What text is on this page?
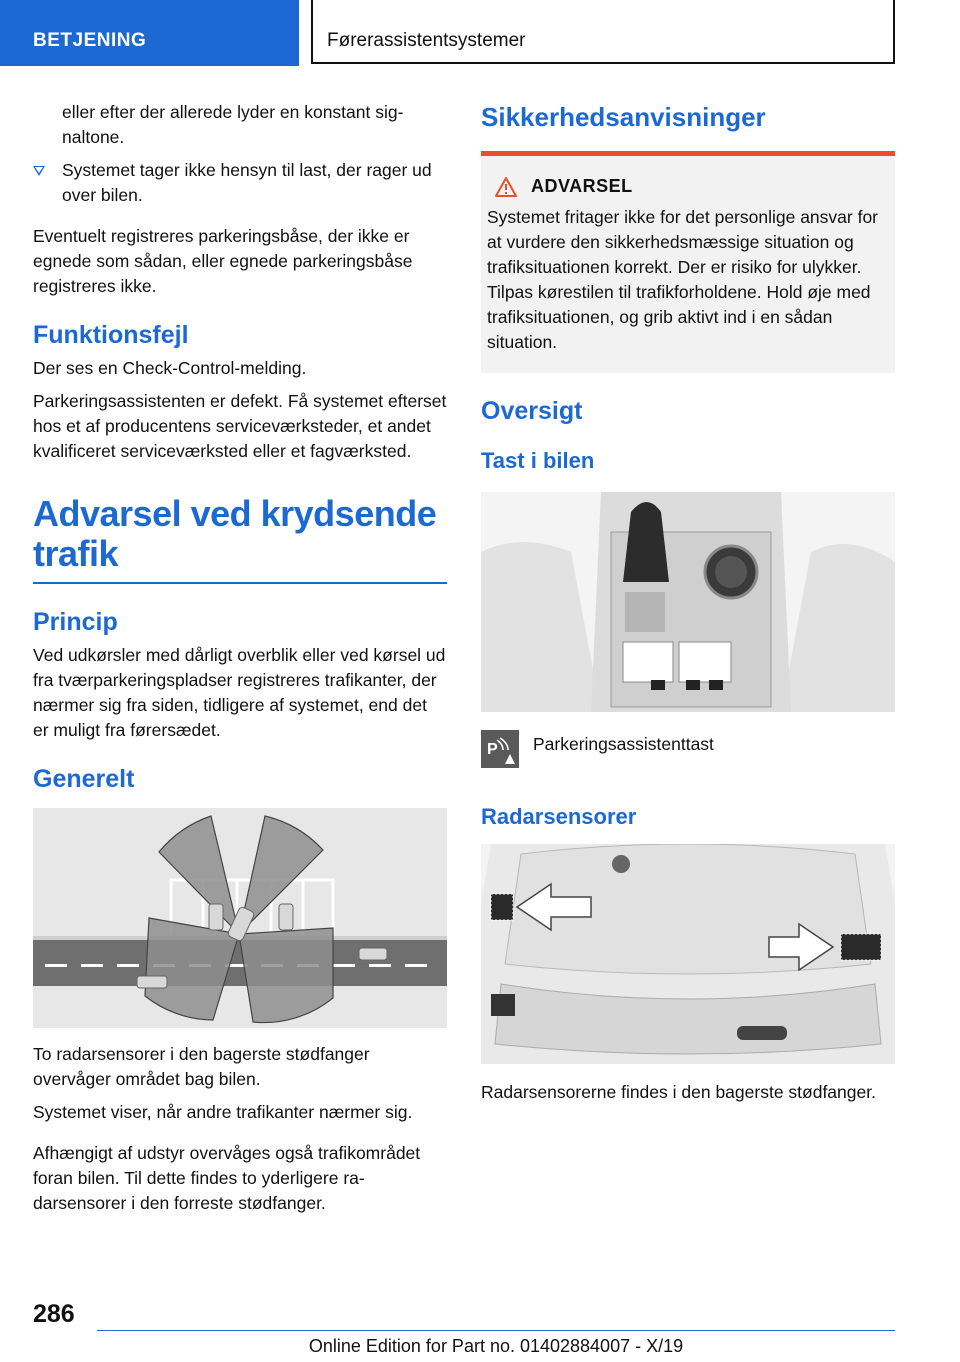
BETJENING	Førerassistentsystemer
eller efter der allerede lyder en konstant signaltone.
Systemet tager ikke hensyn til last, der rager ud over bilen.

Eventuelt registreres parkeringsbåse, der ikke er egnede som sådan, eller egnede parkeringsbåse registreres ikke.

Funktionsfejl

Der ses en Check-Control-melding.

Parkeringsassistenten er defekt. Få systemet efterset hos et af producentens serviceværksteder, et andet kvalificeret serviceværksted eller et fagværksted.

Advarsel ved krydsende trafik
Princip

Ved udkørsler med dårligt overblik eller ved kørsel ud fra tværparkeringspladser registreres trafikanter, der nærmer sig fra siden, tidligere af systemet, end det er muligt fra førersædet.

Generelt

To radarsensorer i den bagerste stødfanger overvåger området bag bilen.

Systemet viser, når andre trafikanter nærmer sig.

Afhængigt af udstyr overvåges også trafikområdet foran bilen. Til dette findes to yderligere radarsensorer i den forreste stødfanger.

Sikkerhedsanvisninger
ADVARSEL

Systemet fritager ikke for det personlige ansvar for at vurdere den sikkerhedsmæssige situation og trafiksituationen korrekt. Der er risiko for ulykker. Tilpas kørestilen til trafikforholdene. Hold øje med trafiksituationen, og grib aktivt ind i en sådan situation.

Oversigt
Tast i bilen
P Parkeringsassistenttast
Radarsensorer

Radarsensorerne findes i den bagerste stødfanger.

286
Online Edition for Part no. 01402884007 - X/19
